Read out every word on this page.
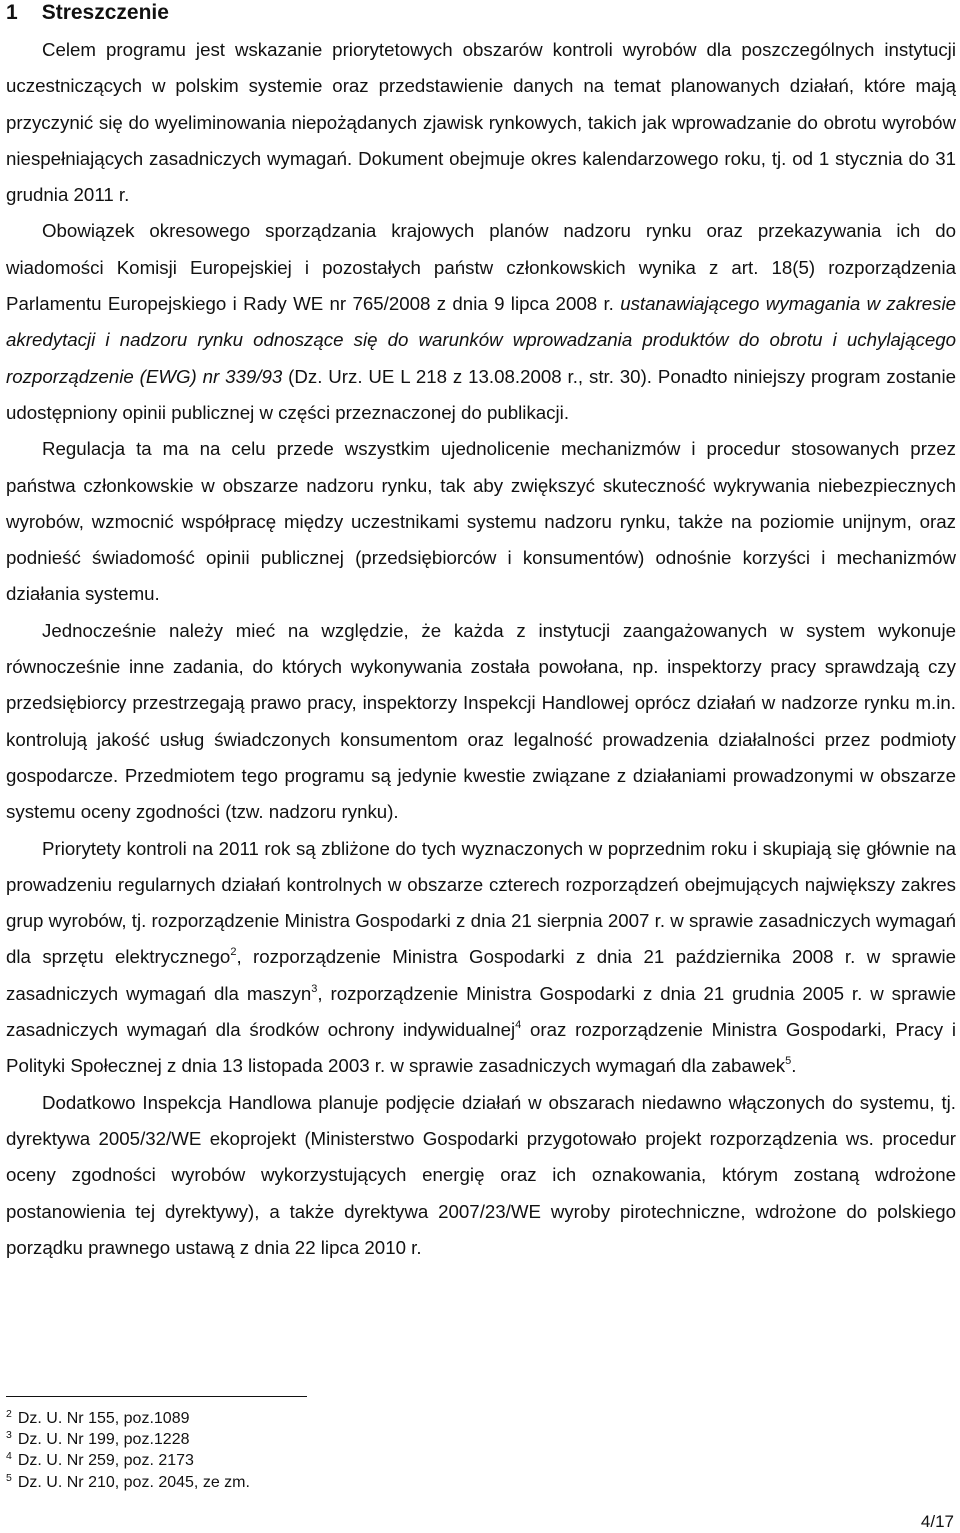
1 Streszczenie

Celem programu jest wskazanie priorytetowych obszarów kontroli wyrobów dla poszczególnych instytucji uczestniczących w polskim systemie oraz przedstawienie danych na temat planowanych działań, które mają przyczynić się do wyeliminowania niepożądanych zjawisk rynkowych, takich jak wprowadzanie do obrotu wyrobów niespełniających zasadniczych wymagań. Dokument obejmuje okres kalendarzowego roku, tj. od 1 stycznia do 31 grudnia 2011 r.

Obowiązek okresowego sporządzania krajowych planów nadzoru rynku oraz przekazywania ich do wiadomości Komisji Europejskiej i pozostałych państw członkowskich wynika z art. 18(5) rozporządzenia Parlamentu Europejskiego i Rady WE nr 765/2008 z dnia 9 lipca 2008 r. ustanawiającego wymagania w zakresie akredytacji i nadzoru rynku odnoszące się do warunków wprowadzania produktów do obrotu i uchylającego rozporządzenie (EWG) nr 339/93 (Dz. Urz. UE L 218 z 13.08.2008 r., str. 30). Ponadto niniejszy program zostanie udostępniony opinii publicznej w części przeznaczonej do publikacji.

Regulacja ta ma na celu przede wszystkim ujednolicenie mechanizmów i procedur stosowanych przez państwa członkowskie w obszarze nadzoru rynku, tak aby zwiększyć skuteczność wykrywania niebezpiecznych wyrobów, wzmocnić współpracę między uczestnikami systemu nadzoru rynku, także na poziomie unijnym, oraz podnieść świadomość opinii publicznej (przedsiębiorców i konsumentów) odnośnie korzyści i mechanizmów działania systemu.

Jednocześnie należy mieć na względzie, że każda z instytucji zaangażowanych w system wykonuje równocześnie inne zadania, do których wykonywania została powołana, np. inspektorzy pracy sprawdzają czy przedsiębiorcy przestrzegają prawo pracy, inspektorzy Inspekcji Handlowej oprócz działań w nadzorze rynku m.in. kontrolują jakość usług świadczonych konsumentom oraz legalność prowadzenia działalności przez podmioty gospodarcze. Przedmiotem tego programu są jedynie kwestie związane z działaniami prowadzonymi w obszarze systemu oceny zgodności (tzw. nadzoru rynku).

Priorytety kontroli na 2011 rok są zbliżone do tych wyznaczonych w poprzednim roku i skupiają się głównie na prowadzeniu regularnych działań kontrolnych w obszarze czterech rozporządzeń obejmujących największy zakres grup wyrobów, tj. rozporządzenie Ministra Gospodarki z dnia 21 sierpnia 2007 r. w sprawie zasadniczych wymagań dla sprzętu elektrycznego$^2$, rozporządzenie Ministra Gospodarki z dnia 21 października 2008 r. w sprawie zasadniczych wymagań dla maszyn$^3$, rozporządzenie Ministra Gospodarki z dnia 21 grudnia 2005 r. w sprawie zasadniczych wymagań dla środków ochrony indywidualnej$^4$ oraz rozporządzenie Ministra Gospodarki, Pracy i Polityki Społecznej z dnia 13 listopada 2003 r. w sprawie zasadniczych wymagań dla zabawek$^5$.

Dodatkowo Inspekcja Handlowa planuje podjęcie działań w obszarach niedawno włączonych do systemu, tj. dyrektywa 2005/32/WE ekoprojekt (Ministerstwo Gospodarki przygotowało projekt rozporządzenia ws. procedur oceny zgodności wyrobów wykorzystujących energię oraz ich oznakowania, którym zostaną wdrożone postanowienia tej dyrektywy), a także dyrektywa 2007/23/WE wyroby pirotechniczne, wdrożone do polskiego porządku prawnego ustawą z dnia 22 lipca 2010 r.

$^2$ Dz. U. Nr 155, poz.1089
$^3$ Dz. U. Nr 199, poz.1228
$^4$ Dz. U. Nr 259, poz. 2173
$^5$ Dz. U. Nr 210, poz. 2045, ze zm.
4/17
